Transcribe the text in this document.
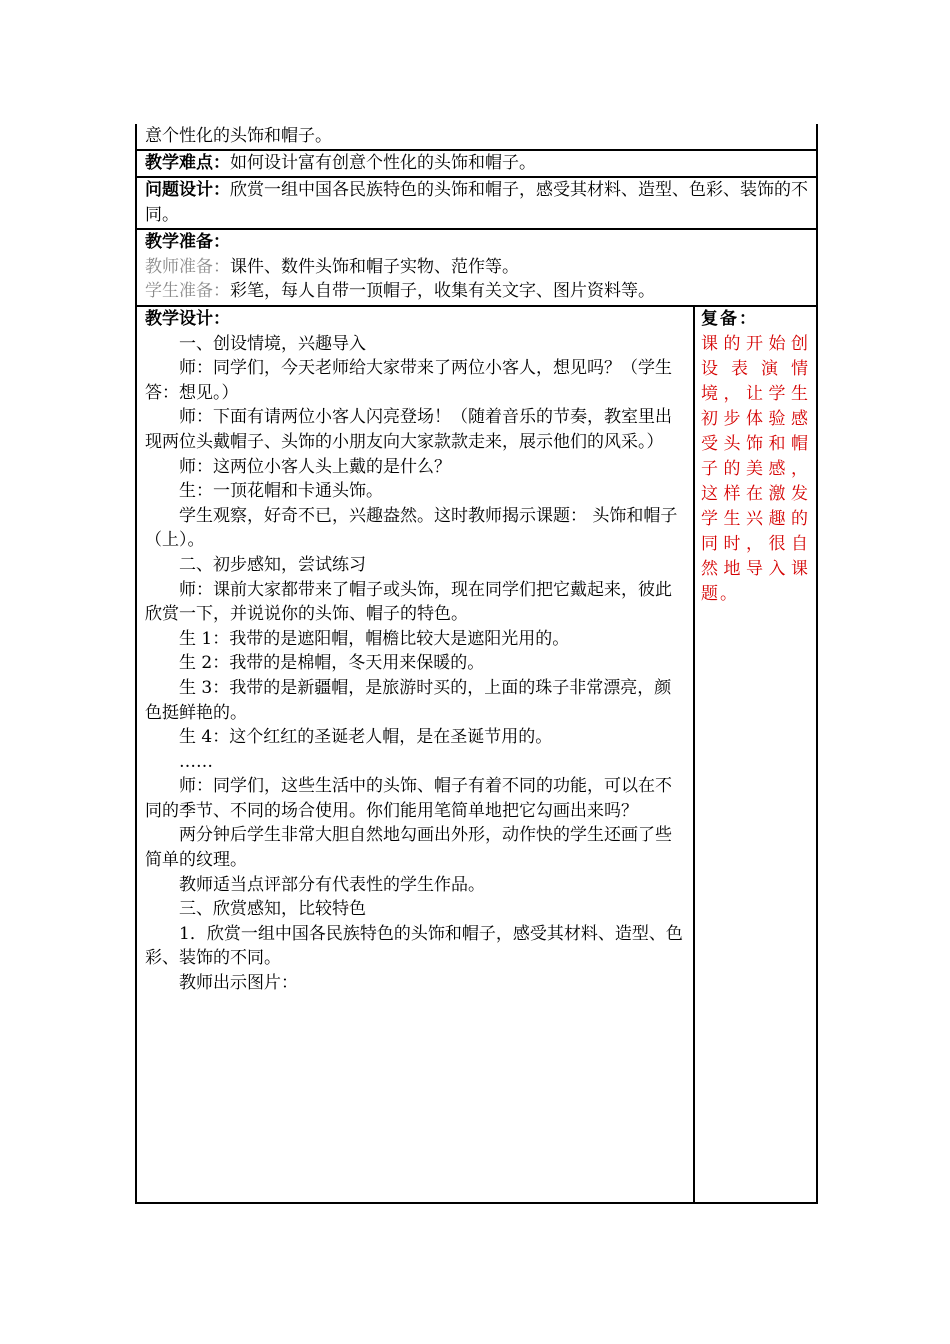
意个性化的头饰和帽子。
教学难点：如何设计富有创意个性化的头饰和帽子。
问题设计：欣赏一组中国各民族特色的头饰和帽子，感受其材料、造型、色彩、装饰的不同。

教学准备：
教师准备：课件、数件头饰和帽子实物、范作等。
学生准备：彩笔，每人自带一顶帽子，收集有关文字、图片资料等。

教学设计：
一、创设情境，兴趣导入
师：同学们，今天老师给大家带来了两位小客人，想见吗？（学生答：想见。）
师：下面有请两位小客人闪亮登场！（随着音乐的节奏，教室里出现两位头戴帽子、头饰的小朋友向大家款款走来，展示他们的风采。）
师：这两位小客人头上戴的是什么？
生：一顶花帽和卡通头饰。
学生观察，好奇不已，兴趣盎然。这时教师揭示课题： 头饰和帽子（上）。
二、初步感知，尝试练习
师：课前大家都带来了帽子或头饰，现在同学们把它戴起来，彼此欣赏一下，并说说你的头饰、帽子的特色。
生 1：我带的是遮阳帽，帽檐比较大是遮阳光用的。
生 2：我带的是棉帽，冬天用来保暖的。
生 3：我带的是新疆帽，是旅游时买的，上面的珠子非常漂亮，颜色挺鲜艳的。
生 4：这个红红的圣诞老人帽，是在圣诞节用的。
……
师：同学们，这些生活中的头饰、帽子有着不同的功能，可以在不同的季节、不同的场合使用。你们能用笔简单地把它勾画出来吗？
两分钟后学生非常大胆自然地勾画出外形，动作快的学生还画了些简单的纹理。
教师适当点评部分有代表性的学生作品。
三、欣赏感知，比较特色
1．欣赏一组中国各民族特色的头饰和帽子，感受其材料、造型、色彩、装饰的不同。
教师出示图片：

复备：
课的开始创设表演情境，让学生初步体验感受头饰和帽子的美感，这样在激发学生兴趣的同时，很自然地导入课题。
